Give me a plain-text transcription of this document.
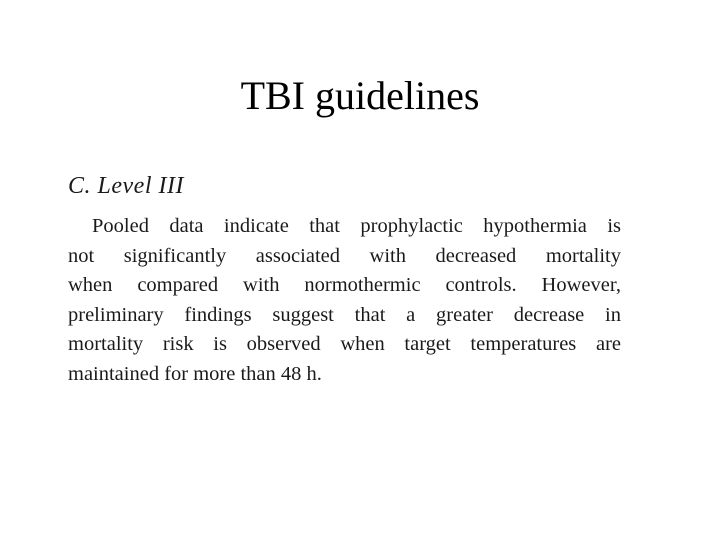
TBI guidelines
C. Level III

Pooled data indicate that prophylactic hypothermia is
not significantly associated with decreased mortality
when compared with normothermic controls. However,
preliminary findings suggest that a greater decrease in
mortality risk is observed when target temperatures are
maintained for more than 48 h.
